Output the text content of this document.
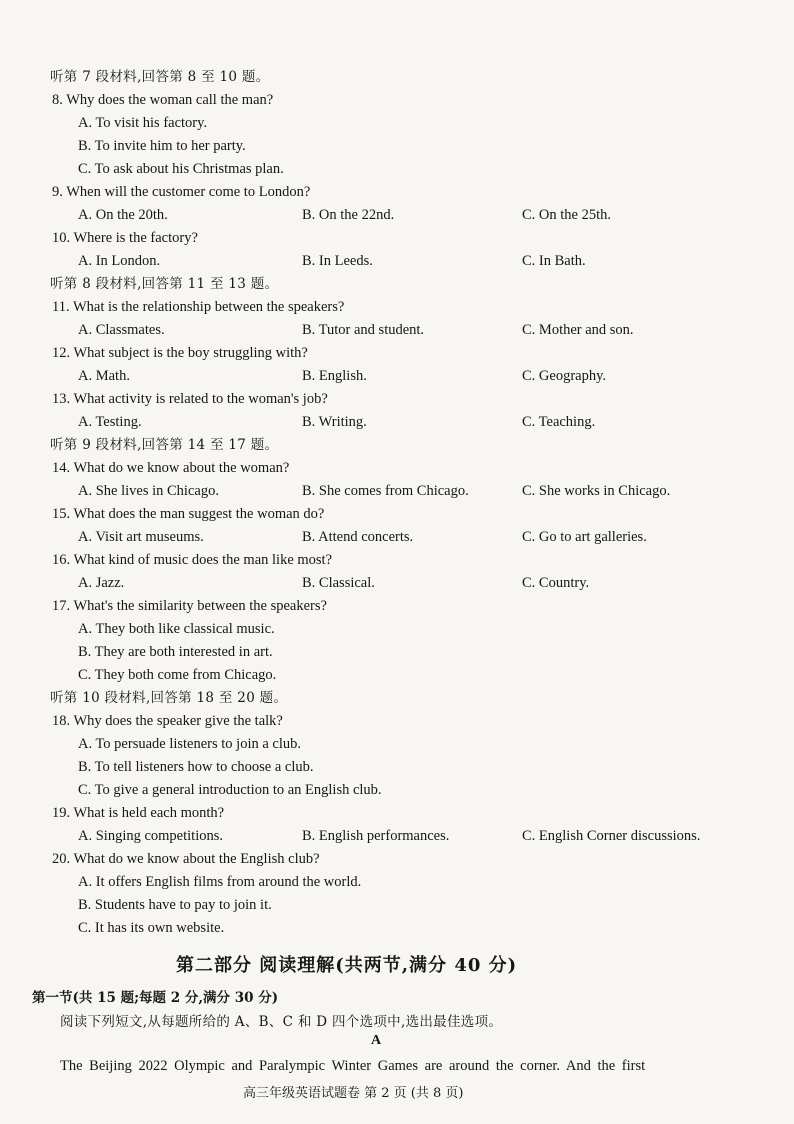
听第 7 段材料,回答第 8 至 10 题。
8. Why does the woman call the man?
A. To visit his factory.
B. To invite him to her party.
C. To ask about his Christmas plan.
9. When will the customer come to London?
A. On the 20th.	B. On the 22nd.	C. On the 25th.
10. Where is the factory?
A. In London.	B. In Leeds.	C. In Bath.
听第 8 段材料,回答第 11 至 13 题。
11. What is the relationship between the speakers?
A. Classmates.	B. Tutor and student.	C. Mother and son.
12. What subject is the boy struggling with?
A. Math.	B. English.	C. Geography.
13. What activity is related to the woman's job?
A. Testing.	B. Writing.	C. Teaching.
听第 9 段材料,回答第 14 至 17 题。
14. What do we know about the woman?
A. She lives in Chicago.	B. She comes from Chicago.	C. She works in Chicago.
15. What does the man suggest the woman do?
A. Visit art museums.	B. Attend concerts.	C. Go to art galleries.
16. What kind of music does the man like most?
A. Jazz.	B. Classical.	C. Country.
17. What's the similarity between the speakers?
A. They both like classical music.
B. They are both interested in art.
C. They both come from Chicago.
听第 10 段材料,回答第 18 至 20 题。
18. Why does the speaker give the talk?
A. To persuade listeners to join a club.
B. To tell listeners how to choose a club.
C. To give a general introduction to an English club.
19. What is held each month?
A. Singing competitions.	B. English performances.	C. English Corner discussions.
20. What do we know about the English club?
A. It offers English films from around the world.
B. Students have to pay to join it.
C. It has its own website.
第二部分 阅读理解(共两节,满分 40 分)
第一节(共 15 题;每题 2 分,满分 30 分)
阅读下列短文,从每题所给的 A、B、C 和 D 四个选项中,选出最佳选项。
A
The Beijing 2022 Olympic and Paralympic Winter Games are around the corner. And the first
高三年级英语试题卷 第 2 页 (共 8 页)
